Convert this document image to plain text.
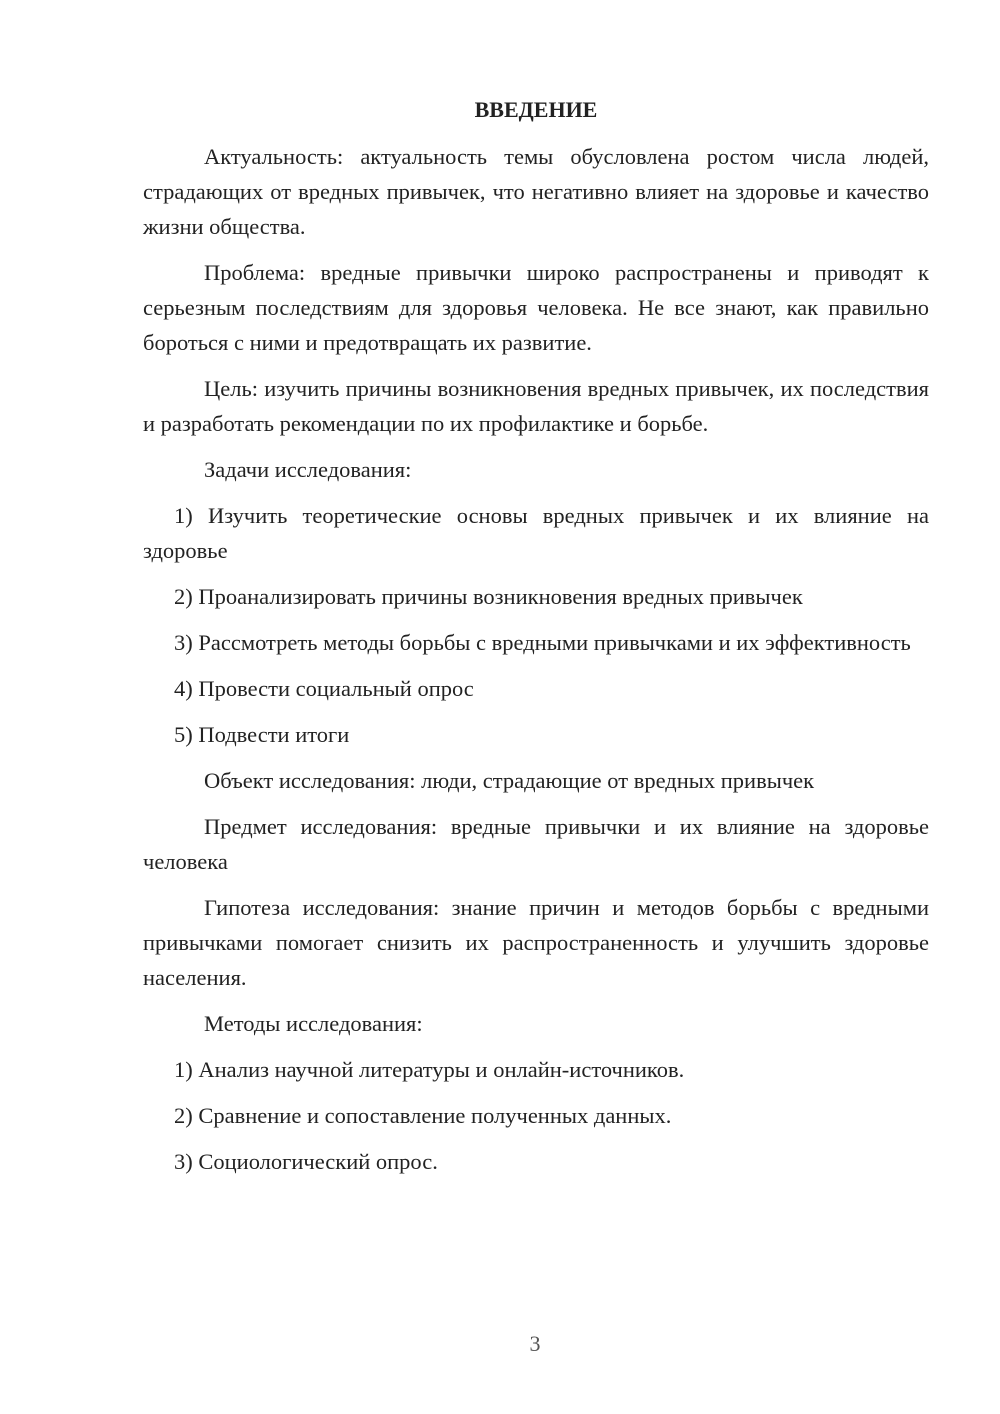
ВВЕДЕНИЕ

Актуальность: актуальность темы обусловлена ростом числа людей, страдающих от вредных привычек, что негативно влияет на здоровье и качество жизни общества.

Проблема: вредные привычки широко распространены и приводят к серьезным последствиям для здоровья человека. Не все знают, как правильно бороться с ними и предотвращать их развитие.

Цель: изучить причины возникновения вредных привычек, их последствия и разработать рекомендации по их профилактике и борьбе.

Задачи исследования:

1) Изучить теоретические основы вредных привычек и их влияние на здоровье

2) Проанализировать причины возникновения вредных привычек

3) Рассмотреть методы борьбы с вредными привычками и их эффективность

4) Провести социальный опрос

5) Подвести итоги

Объект исследования: люди, страдающие от вредных привычек

Предмет исследования: вредные привычки и их влияние на здоровье человека

Гипотеза исследования: знание причин и методов борьбы с вредными привычками помогает снизить их распространенность и улучшить здоровье населения.

Методы исследования:

1) Анализ научной литературы и онлайн-источников.

2) Сравнение и сопоставление полученных данных.

3) Социологический опрос.

3
